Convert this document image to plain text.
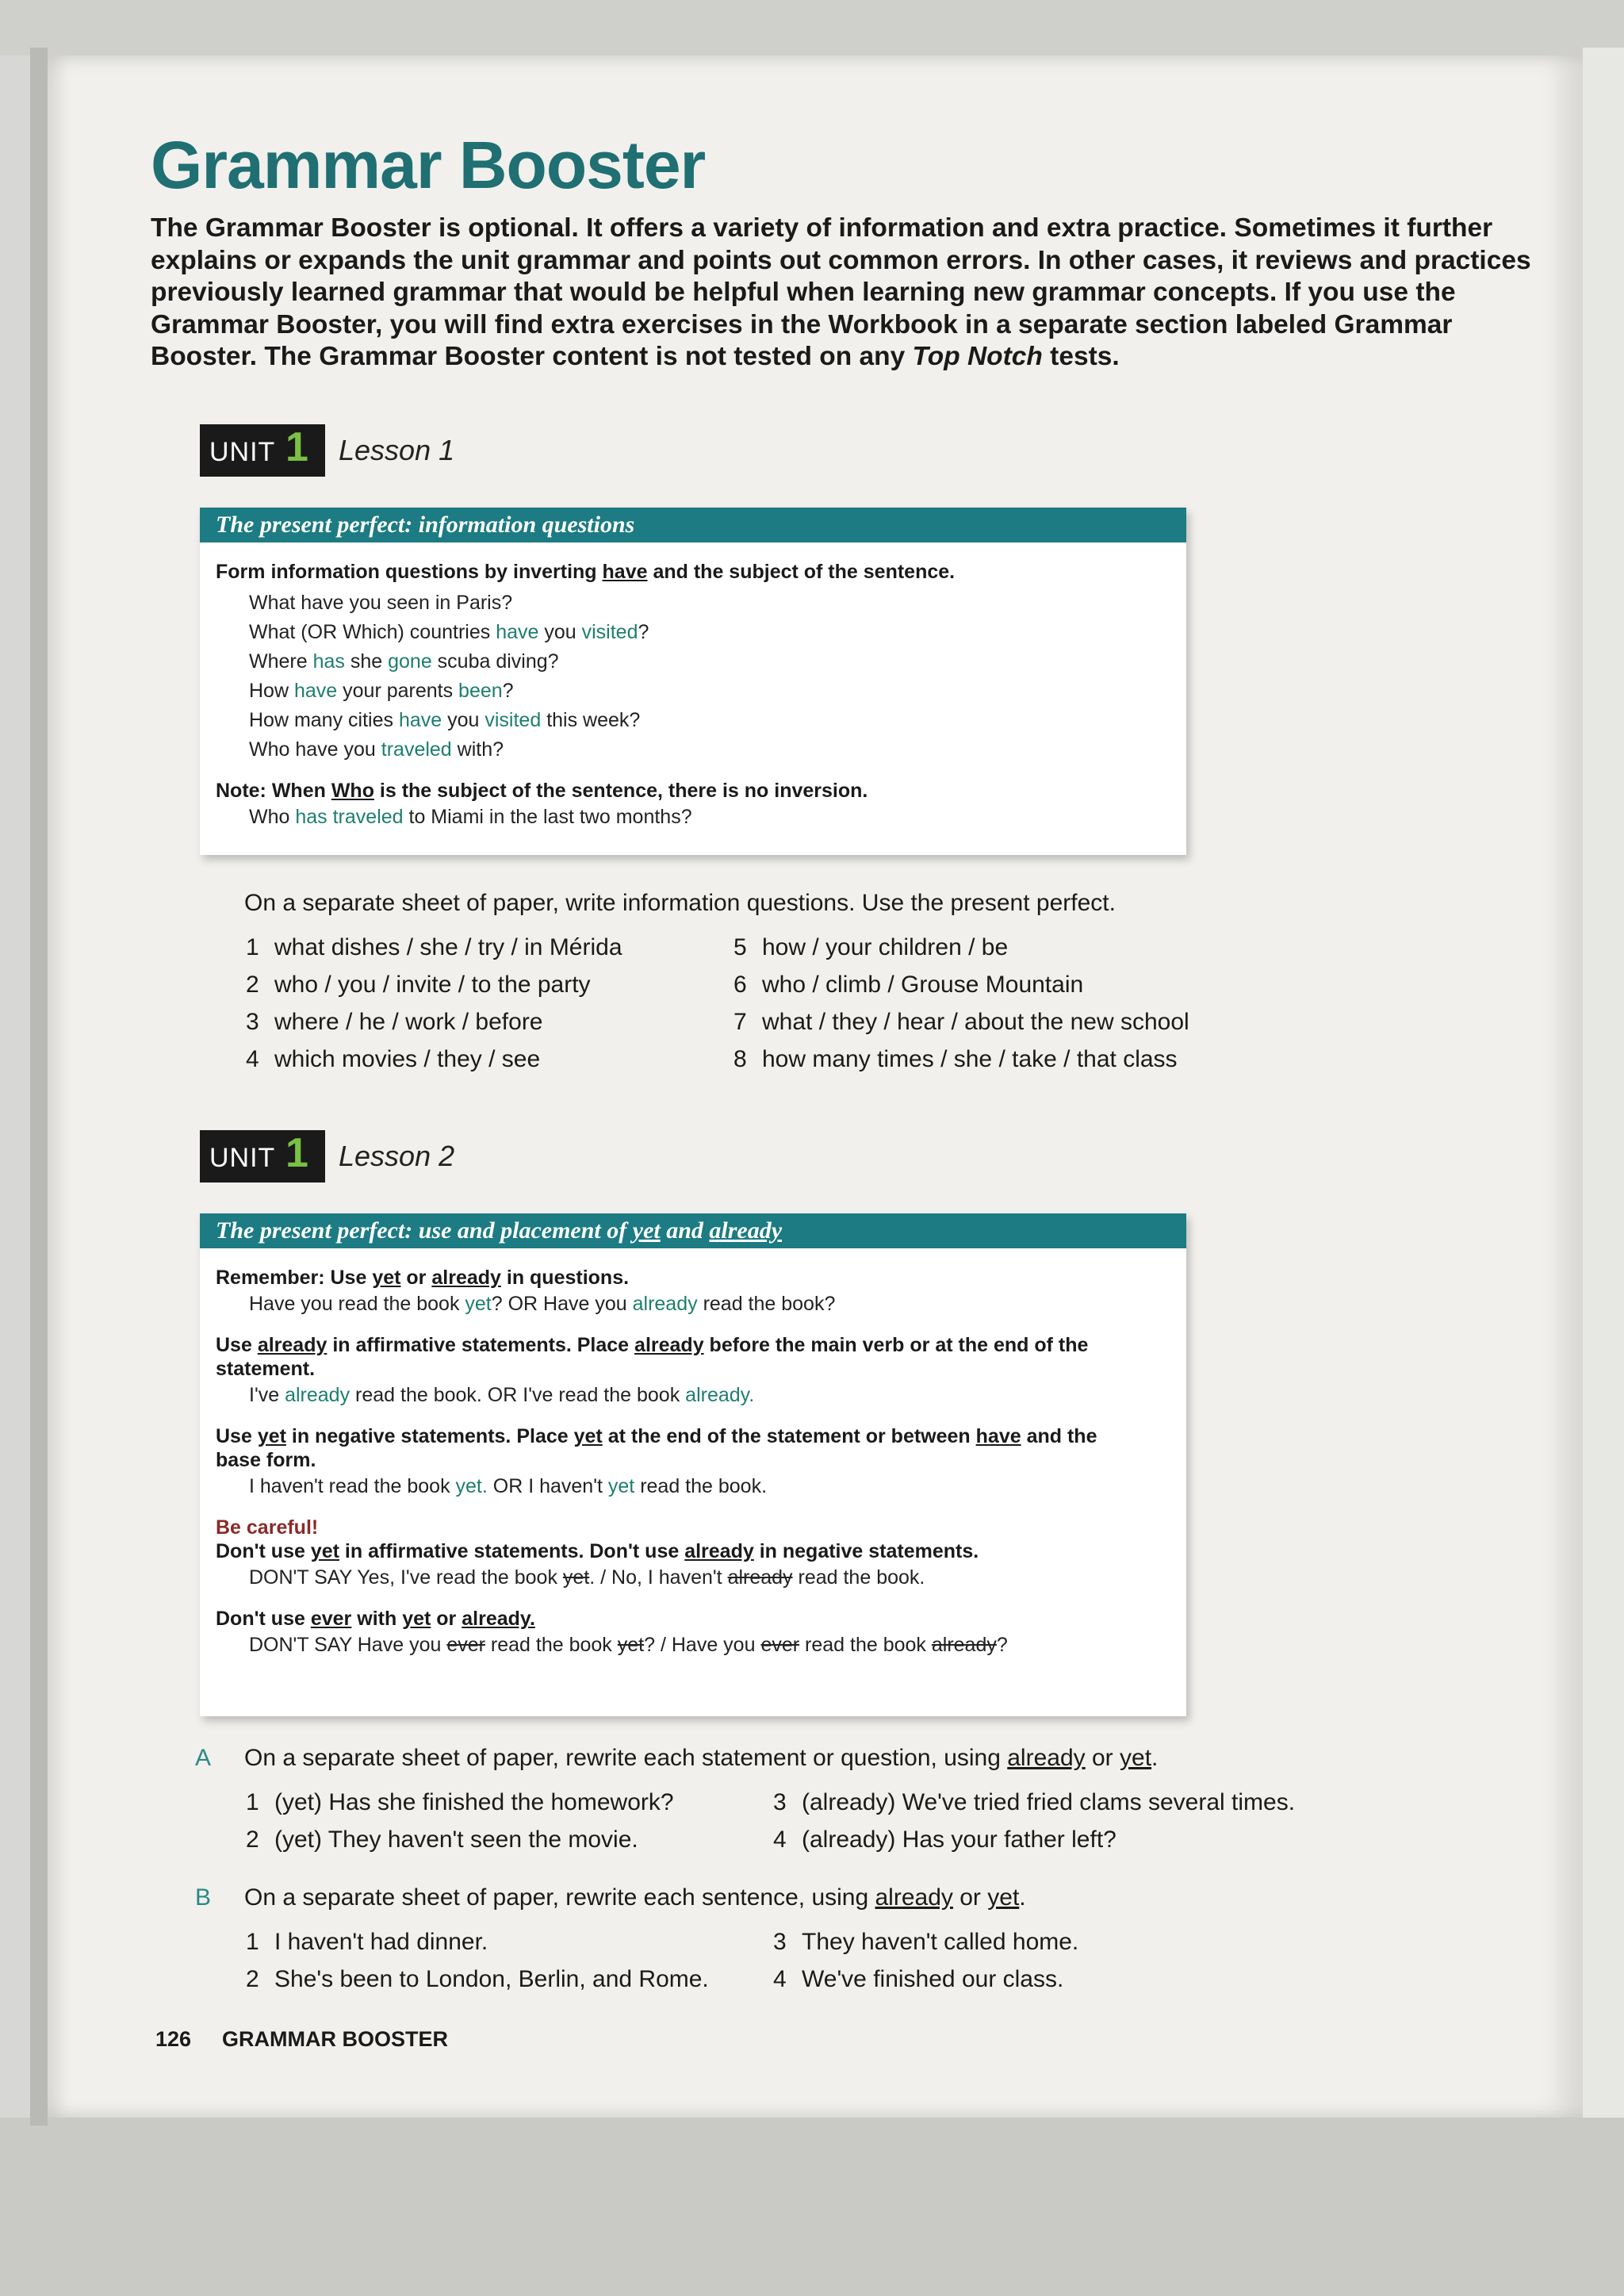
Grammar Booster

The Grammar Booster is optional. It offers a variety of information and extra practice. Sometimes it further explains or expands the unit grammar and points out common errors. In other cases, it reviews and practices previously learned grammar that would be helpful when learning new grammar concepts. If you use the Grammar Booster, you will find extra exercises in the Workbook in a separate section labeled Grammar Booster. The Grammar Booster content is not tested on any Top Notch tests.

UNIT 1 Lesson 1
The present perfect: information questions

Form information questions by inverting have and the subject of the sentence.

What have you seen in Paris?

What (OR Which) countries have you visited?

Where has she gone scuba diving?

How have your parents been?

How many cities have you visited this week?

Who have you traveled with?

Note: When Who is the subject of the sentence, there is no inversion.

Who has traveled to Miami in the last two months?

On a separate sheet of paper, write information questions. Use the present perfect.
1 what dishes / she / try / in Mérida
2 who / you / invite / to the party
3 where / he / work / before
4 which movies / they / see
5 how / your children / be
6 who / climb / Grouse Mountain
7 what / they / hear / about the new school
8 how many times / she / take / that class
UNIT 1 Lesson 2
The present perfect: use and placement of yet and already

Remember: Use yet or already in questions.

Have you read the book yet? OR Have you already read the book?

Use already in affirmative statements. Place already before the main verb or at the end of the statement.

I've already read the book. OR I've read the book already.

Use yet in negative statements. Place yet at the end of the statement or between have and the base form.

I haven't read the book yet. OR I haven't yet read the book.

Be careful!

Don't use yet in affirmative statements. Don't use already in negative statements.

DON'T SAY Yes, I've read the book yet. / No, I haven't already read the book.

Don't use ever with yet or already.

DON'T SAY Have you ever read the book yet? / Have you ever read the book already?

A On a separate sheet of paper, rewrite each statement or question, using already or yet.
1 (yet) Has she finished the homework?
2 (yet) They haven't seen the movie.
3 (already) We've tried fried clams several times.
4 (already) Has your father left?
B On a separate sheet of paper, rewrite each sentence, using already or yet.
1 I haven't had dinner.
2 She's been to London, Berlin, and Rome.
3 They haven't called home.
4 We've finished our class.
126 GRAMMAR BOOSTER
